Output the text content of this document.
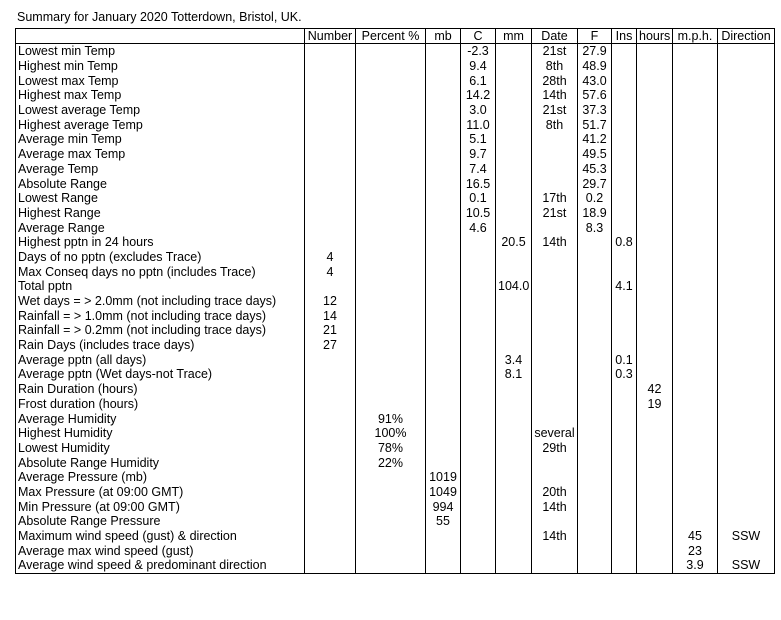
Summary for January 2020 Totterdown, Bristol, UK.
	Number	Percent %	mb	C	mm	Date	F	Ins	hours	m.p.h.	Direction
Lowest min Temp				-2.3		21st	27.9				
Highest min Temp				9.4		8th	48.9				
Lowest max Temp				6.1		28th	43.0				
Highest max Temp				14.2		14th	57.6				
Lowest average Temp				3.0		21st	37.3				
Highest average Temp				11.0		8th	51.7				
Average min Temp				5.1			41.2				
Average max Temp				9.7			49.5				
Average Temp				7.4			45.3				
Absolute Range				16.5			29.7				
Lowest Range				0.1		17th	0.2				
Highest Range				10.5		21st	18.9				
Average Range				4.6			8.3				
Highest pptn in 24 hours					20.5	14th		0.8			
Days of no pptn (excludes Trace)	4										
Max Conseq days no pptn (includes Trace)	4										
Total pptn					104.0			4.1			
Wet days = > 2.0mm (not including trace days)	12										
Rainfall = > 1.0mm (not including trace days)	14										
Rainfall = > 0.2mm (not including trace days)	21										
Rain Days (includes trace days)	27										
Average pptn (all days)					3.4			0.1			
Average pptn (Wet days-not Trace)					8.1			0.3			
Rain Duration (hours)									42		
Frost duration (hours)									19		
Average Humidity		91%									
Highest Humidity		100%				several					
Lowest Humidity		78%				29th					
Absolute Range Humidity		22%									
Average Pressure (mb)			1019								
Max Pressure (at 09:00 GMT)			1049			20th					
Min Pressure (at 09:00 GMT)			994			14th					
Absolute Range Pressure			55								
Maximum wind speed (gust) & direction						14th				45	SSW
Average max wind speed (gust)										23	
Average wind speed & predominant direction										3.9	SSW
